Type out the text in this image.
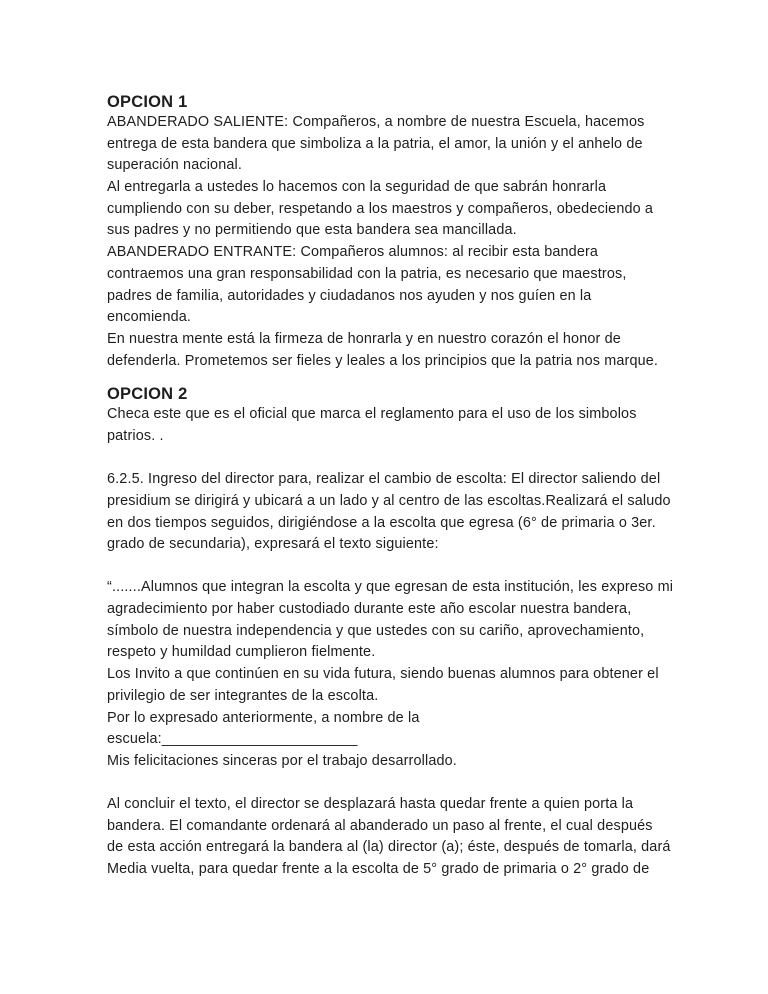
OPCION 1
ABANDERADO SALIENTE: Compañeros, a nombre de nuestra Escuela, hacemos
entrega de esta bandera que simboliza a la patria, el amor, la unión y el anhelo de
superación nacional.
Al entregarla a ustedes lo hacemos con la seguridad de que sabrán honrarla
cumpliendo con su deber, respetando a los maestros y compañeros, obedeciendo a
sus padres y no permitiendo que esta bandera sea mancillada.
ABANDERADO ENTRANTE: Compañeros alumnos: al recibir esta bandera
contraemos una gran responsabilidad con la patria, es necesario que maestros,
padres de familia, autoridades y ciudadanos nos ayuden y nos guíen en la
encomienda.
En nuestra mente está la firmeza de honrarla y en nuestro corazón el honor de
defenderla. Prometemos ser fieles y leales a los principios que la patria nos marque.
OPCION 2
Checa este que es el oficial que marca el reglamento para el uso de los simbolos
patrios. .
6.2.5. Ingreso del director para, realizar el cambio de escolta: El director saliendo del
presidium se dirigirá y ubicará a un lado y al centro de las escoltas.Realizará el saludo
en dos tiempos seguidos, dirigiéndose a la escolta que egresa (6° de primaria o 3er.
grado de secundaria), expresará el texto siguiente:
“.......Alumnos que integran la escolta y que egresan de esta institución, les expreso mi
agradecimiento por haber custodiado durante este año escolar nuestra bandera,
símbolo de nuestra independencia y que ustedes con su cariño, aprovechamiento,
respeto y humildad cumplieron fielmente.
Los Invito a que continúen en su vida futura, siendo buenas alumnos para obtener el
privilegio de ser integrantes de la escolta.
Por lo expresado anteriormente, a nombre de la
escuela:________________________
Mis felicitaciones sinceras por el trabajo desarrollado.
Al concluir el texto, el director se desplazará hasta quedar frente a quien porta la
bandera. El comandante ordenará al abanderado un paso al frente, el cual después
de esta acción entregará la bandera al (la) director (a); éste, después de tomarla, dará
Media vuelta, para quedar frente a la escolta de 5° grado de primaria o 2° grado de
